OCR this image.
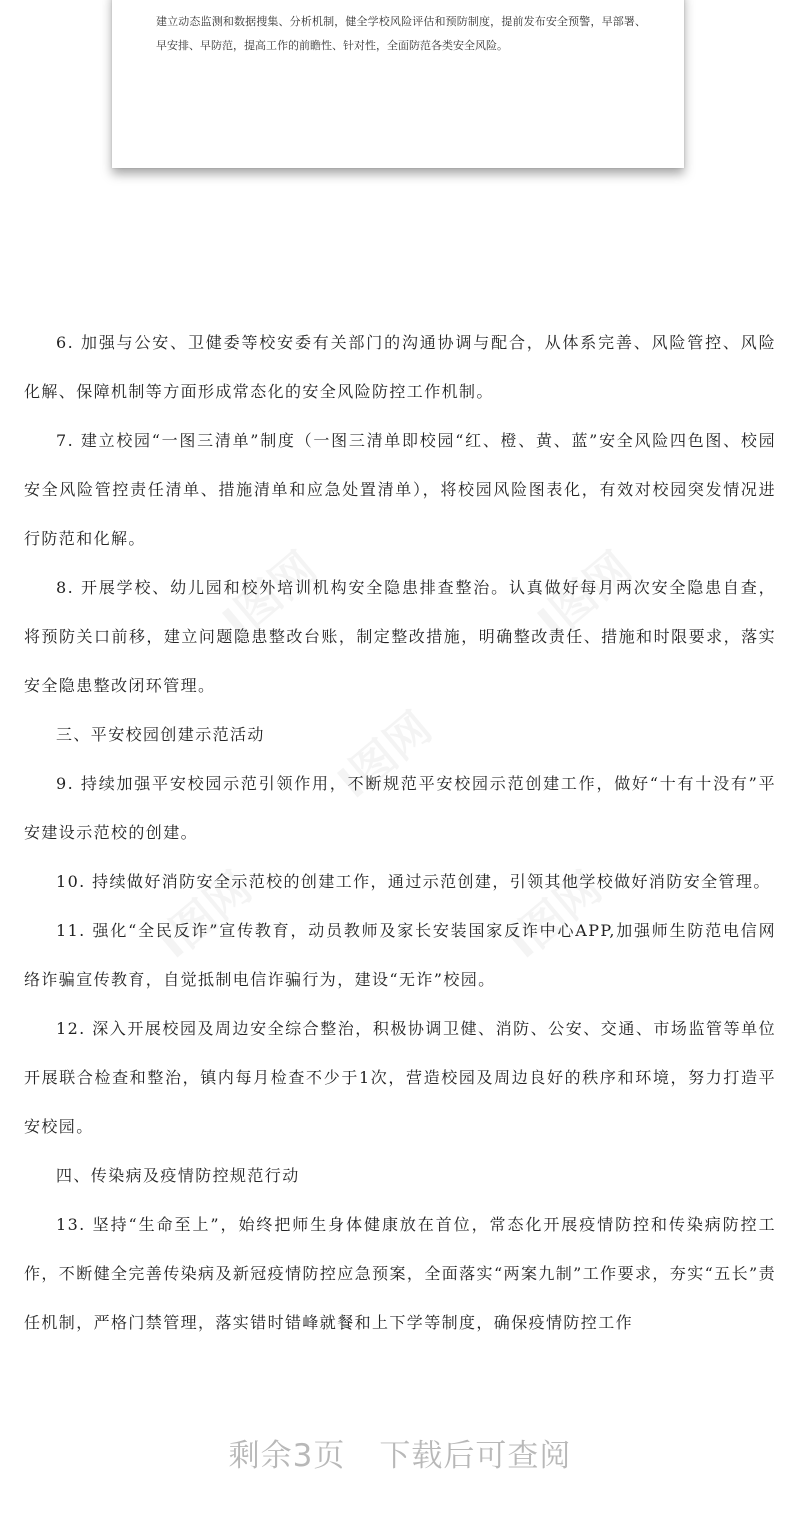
建立动态监测和数据搜集、分析机制，健全学校风险评估和预防制度，提前发布安全预警，早部署、早安排、早防范，提高工作的前瞻性、针对性，全面防范各类安全风险。

6. 加强与公安、卫健委等校安委有关部门的沟通协调与配合，从体系完善、风险管控、风险化解、保障机制等方面形成常态化的安全风险防控工作机制。

7. 建立校园“一图三清单”制度（一图三清单即校园“红、橙、黄、蓝”安全风险四色图、校园安全风险管控责任清单、措施清单和应急处置清单），将校园风险图表化，有效对校园突发情况进行防范和化解。

8. 开展学校、幼儿园和校外培训机构安全隐患排查整治。认真做好每月两次安全隐患自查，将预防关口前移，建立问题隐患整改台账，制定整改措施，明确整改责任、措施和时限要求，落实安全隐患整改闭环管理。

三、平安校园创建示范活动

9. 持续加强平安校园示范引领作用，不断规范平安校园示范创建工作，做好“十有十没有”平安建设示范校的创建。

10. 持续做好消防安全示范校的创建工作，通过示范创建，引领其他学校做好消防安全管理。

11. 强化“全民反诈”宣传教育，动员教师及家长安装国家反诈中心APP,加强师生防范电信网络诈骗宣传教育，自觉抵制电信诈骗行为，建设“无诈”校园。

12. 深入开展校园及周边安全综合整治，积极协调卫健、消防、公安、交通、市场监管等单位开展联合检查和整治，镇内每月检查不少于1次，营造校园及周边良好的秩序和环境，努力打造平安校园。

四、传染病及疫情防控规范行动

13. 坚持“生命至上”，始终把师生身体健康放在首位，常态化开展疫情防控和传染病防控工作，不断健全完善传染病及新冠疫情防控应急预案，全面落实“两案九制”工作要求，夯实“五长”责任机制，严格门禁管理，落实错时错峰就餐和上下学等制度，确保疫情防控工作

剩余3页 下载后可查阅
